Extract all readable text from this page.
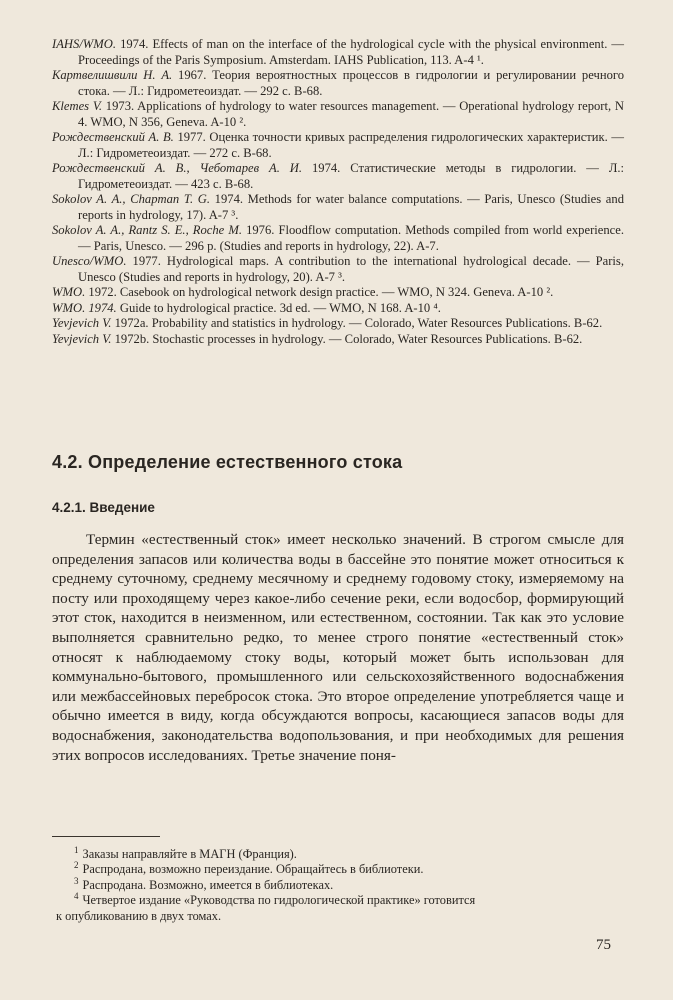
IAHS/WMO. 1974. Effects of man on the interface of the hydrological cycle with the physical environment. — Proceedings of the Paris Symposium. Amsterdam. IAHS Publication, 113. A-4 ¹.

Картвелишвили Н. А. 1967. Теория вероятностных процессов в гидрологии и регулировании речного стока. — Л.: Гидрометеоиздат. — 292 с. В-68.

Klemes V. 1973. Applications of hydrology to water resources management. — Operational hydrology report, N 4. WMO, N 356, Geneva. A-10 ².

Рождественский А. В. 1977. Оценка точности кривых распределения гидрологических характеристик. — Л.: Гидрометеоиздат. — 272 с. В-68.

Рождественский А. В., Чеботарев А. И. 1974. Статистические методы в гидрологии. — Л.: Гидрометеоиздат. — 423 с. В-68.

Sokolov A. A., Chapman T. G. 1974. Methods for water balance computations. — Paris, Unesco (Studies and reports in hydrology, 17). A-7 ³.

Sokolov A. A., Rantz S. E., Roche M. 1976. Floodflow computation. Methods compiled from world experience. — Paris, Unesco. — 296 p. (Studies and reports in hydrology, 22). A-7.

Unesco/WMO. 1977. Hydrological maps. A contribution to the international hydrological decade. — Paris, Unesco (Studies and reports in hydrology, 20). A-7 ³.

WMO. 1972. Casebook on hydrological network design practice. — WMO, N 324. Geneva. A-10 ².

WMO. 1974. Guide to hydrological practice. 3d ed. — WMO, N 168. A-10 ⁴.

Yevjevich V. 1972a. Probability and statistics in hydrology. — Colorado, Water Resources Publications. B-62.

Yevjevich V. 1972b. Stochastic processes in hydrology. — Colorado, Water Resources Publications. B-62.

4.2. Определение естественного стока
4.2.1. Введение

Термин «естественный сток» имеет несколько значений. В строгом смысле для определения запасов или количества воды в бассейне это понятие может относиться к среднему суточному, среднему месячному и среднему годовому стоку, измеряемому на посту или проходящему через какое-либо сечение реки, если водосбор, формирующий этот сток, находится в неизменном, или естественном, состоянии. Так как это условие выполняется сравнительно редко, то менее строго понятие «естественный сток» относят к наблюдаемому стоку воды, который может быть использован для коммунально-бытового, промышленного или сельскохозяйственного водоснабжения или межбассейновых перебросок стока. Это второе определение употребляется чаще и обычно имеется в виду, когда обсуждаются вопросы, касающиеся запасов воды для водоснабжения, законодательства водопользования, и при необходимых для решения этих вопросов исследованиях. Третье значение поня-

$^1$ Заказы направляйте в МАГН (Франция).

$^2$ Распродана, возможно переиздание. Обращайтесь в библиотеки.

$^3$ Распродана. Возможно, имеется в библиотеках.

$^4$ Четвертое издание «Руководства по гидрологической практике» готовится

к опубликованию в двух томах.

75
